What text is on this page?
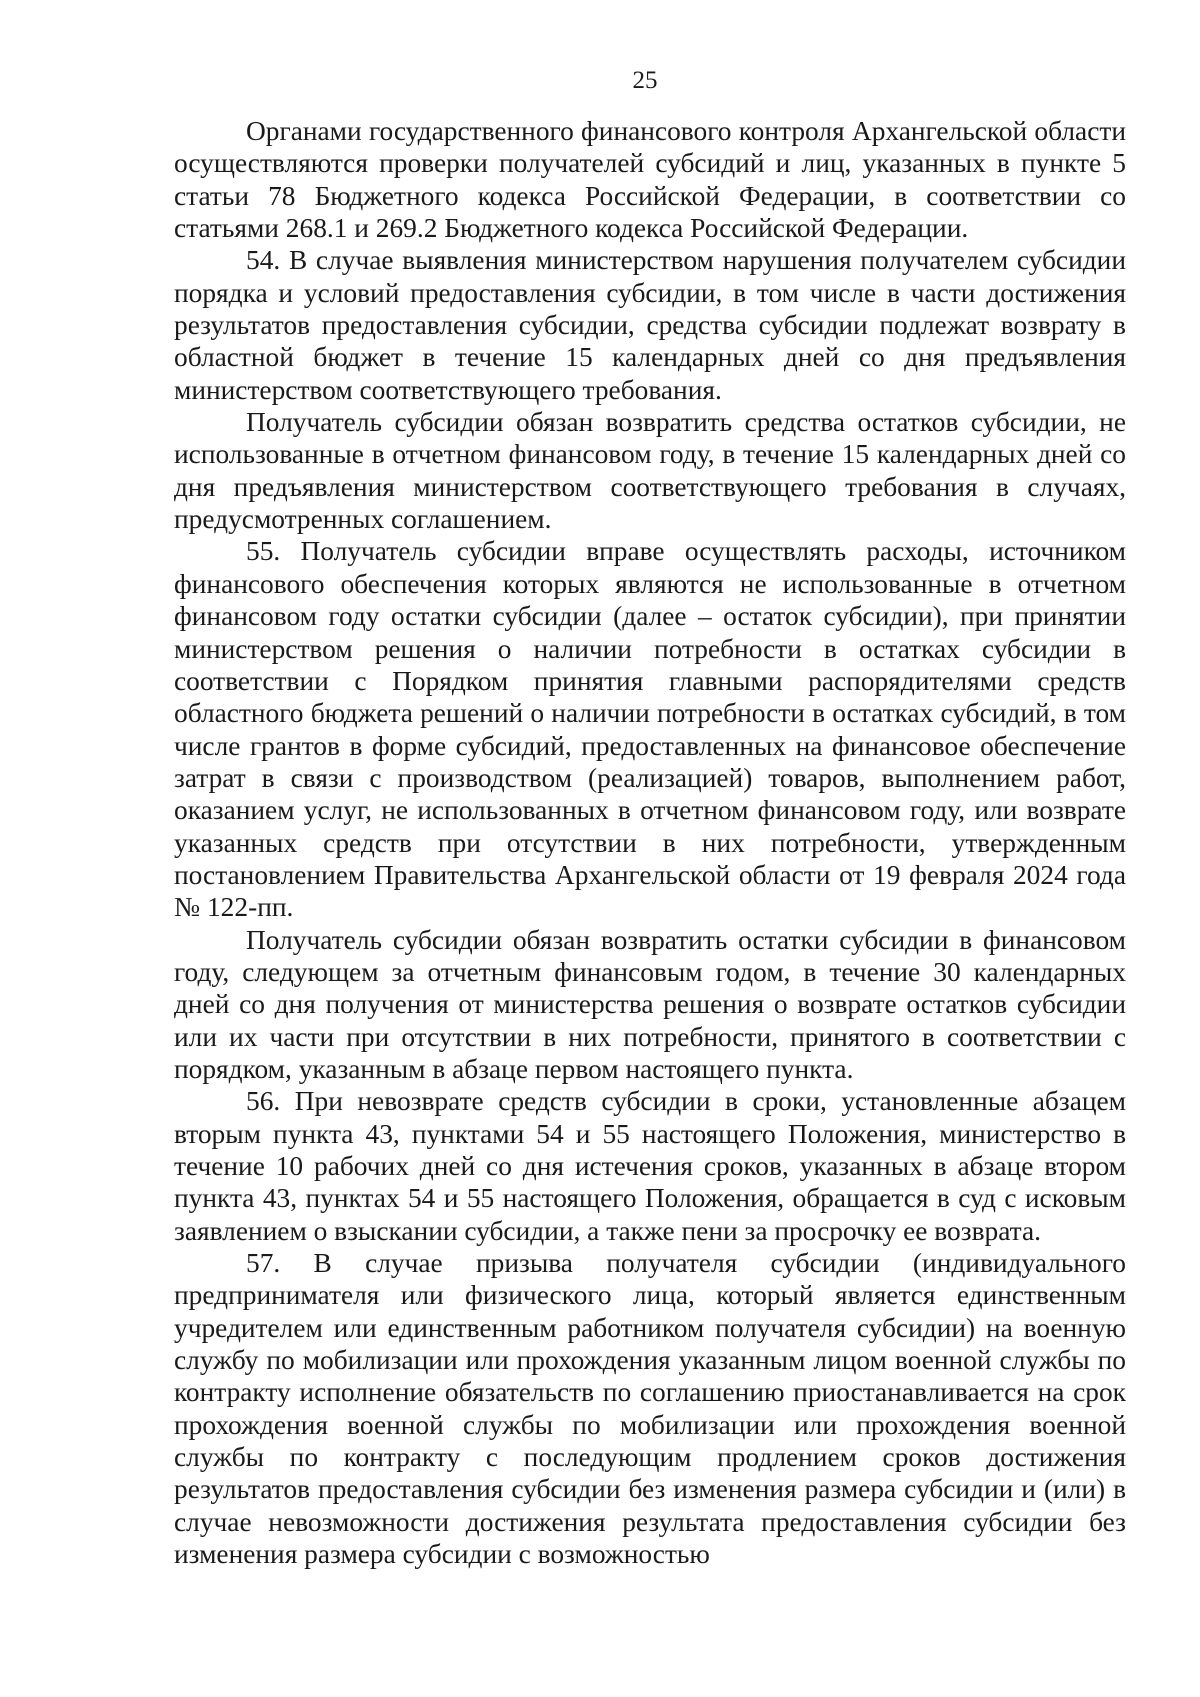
25

Органами государственного финансового контроля Архангельской области осуществляются проверки получателей субсидий и лиц, указанных в пункте 5 статьи 78 Бюджетного кодекса Российской Федерации, в соответствии со статьями 268.1 и 269.2 Бюджетного кодекса Российской Федерации.

54. В случае выявления министерством нарушения получателем субсидии порядка и условий предоставления субсидии, в том числе в части достижения результатов предоставления субсидии, средства субсидии подлежат возврату в областной бюджет в течение 15 календарных дней со дня предъявления министерством соответствующего требования.

Получатель субсидии обязан возвратить средства остатков субсидии, не использованные в отчетном финансовом году, в течение 15 календарных дней со дня предъявления министерством соответствующего требования в случаях, предусмотренных соглашением.

55. Получатель субсидии вправе осуществлять расходы, источником финансового обеспечения которых являются не использованные в отчетном финансовом году остатки субсидии (далее – остаток субсидии), при принятии министерством решения о наличии потребности в остатках субсидии в соответствии с Порядком принятия главными распорядителями средств областного бюджета решений о наличии потребности в остатках субсидий, в том числе грантов в форме субсидий, предоставленных на финансовое обеспечение затрат в связи с производством (реализацией) товаров, выполнением работ, оказанием услуг, не использованных в отчетном финансовом году, или возврате указанных средств при отсутствии в них потребности, утвержденным постановлением Правительства Архангельской области от 19 февраля 2024 года № 122-пп.

Получатель субсидии обязан возвратить остатки субсидии в финансовом году, следующем за отчетным финансовым годом, в течение 30 календарных дней со дня получения от министерства решения о возврате остатков субсидии или их части при отсутствии в них потребности, принятого в соответствии с порядком, указанным в абзаце первом настоящего пункта.

56. При невозврате средств субсидии в сроки, установленные абзацем вторым пункта 43, пунктами 54 и 55 настоящего Положения, министерство в течение 10 рабочих дней со дня истечения сроков, указанных в абзаце втором пункта 43, пунктах 54 и 55 настоящего Положения, обращается в суд с исковым заявлением о взыскании субсидии, а также пени за просрочку ее возврата.

57. В случае призыва получателя субсидии (индивидуального предпринимателя или физического лица, который является единственным учредителем или единственным работником получателя субсидии) на военную службу по мобилизации или прохождения указанным лицом военной службы по контракту исполнение обязательств по соглашению приостанавливается на срок прохождения военной службы по мобилизации или прохождения военной службы по контракту с последующим продлением сроков достижения результатов предоставления субсидии без изменения размера субсидии и (или) в случае невозможности достижения результата предоставления субсидии без изменения размера субсидии с возможностью
